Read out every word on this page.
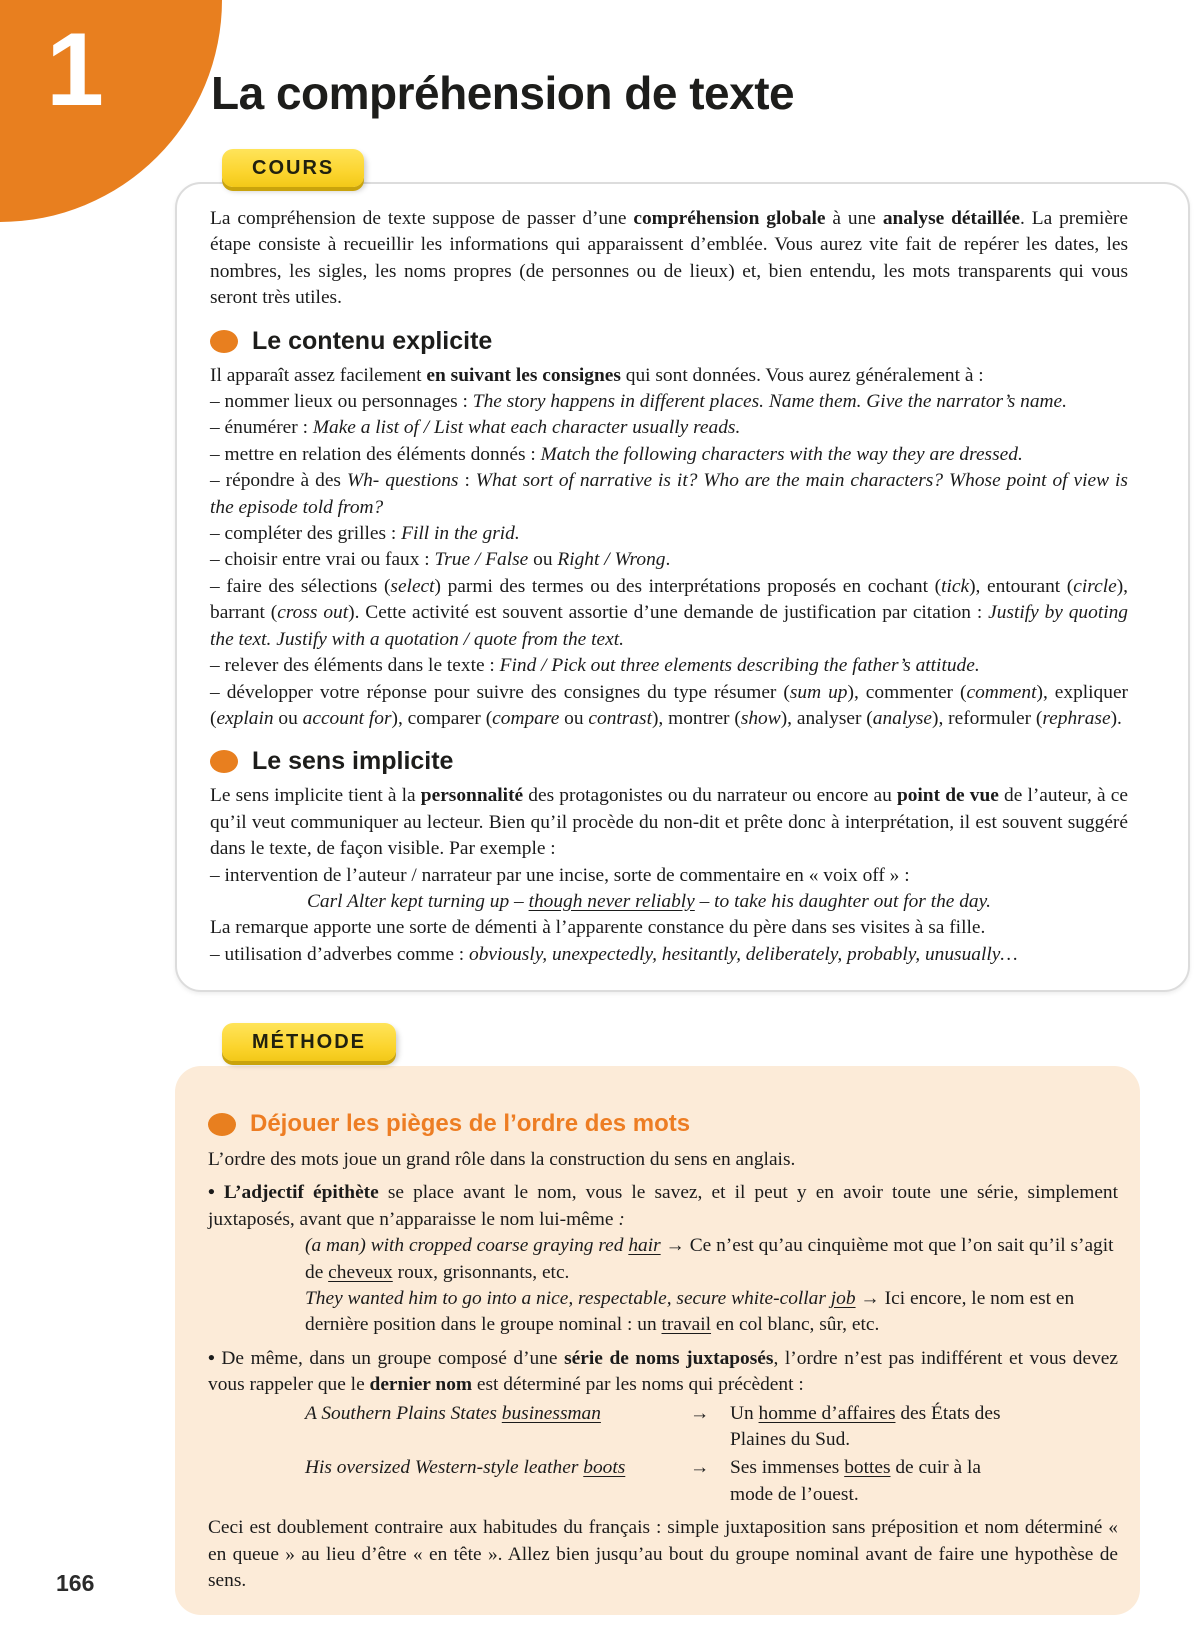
1	La compréhension de texte
COURS

La compréhension de texte suppose de passer d’une compréhension globale à une analyse détaillée. La première étape consiste à recueillir les informations qui apparaissent d’emblée. Vous aurez vite fait de repérer les dates, les nombres, les sigles, les noms propres (de personnes ou de lieux) et, bien entendu, les mots transparents qui vous seront très utiles.

Le contenu explicite

Il apparaît assez facilement en suivant les consignes qui sont données. Vous aurez généralement à :

– nommer lieux ou personnages : The story happens in different places. Name them. Give the narrator’s name.

– énumérer : Make a list of / List what each character usually reads.

– mettre en relation des éléments donnés : Match the following characters with the way they are dressed.

– répondre à des Wh- questions : What sort of narrative is it? Who are the main characters? Whose point of view is the episode told from?

– compléter des grilles : Fill in the grid.

– choisir entre vrai ou faux : True / False ou Right / Wrong.

– faire des sélections (select) parmi des termes ou des interprétations proposés en cochant (tick), entourant (circle), barrant (cross out). Cette activité est souvent assortie d’une demande de justification par citation : Justify by quoting the text. Justify with a quotation / quote from the text.

– relever des éléments dans le texte : Find / Pick out three elements describing the father’s attitude.

– développer votre réponse pour suivre des consignes du type résumer (sum up), commenter (comment), expliquer (explain ou account for), comparer (compare ou contrast), montrer (show), analyser (analyse), reformuler (rephrase).

Le sens implicite

Le sens implicite tient à la personnalité des protagonistes ou du narrateur ou encore au point de vue de l’auteur, à ce qu’il veut communiquer au lecteur. Bien qu’il procède du non-dit et prête donc à interprétation, il est souvent suggéré dans le texte, de façon visible. Par exemple :

– intervention de l’auteur / narrateur par une incise, sorte de commentaire en « voix off » :

Carl Alter kept turning up – though never reliably – to take his daughter out for the day.

La remarque apporte une sorte de démenti à l’apparente constance du père dans ses visites à sa fille.

– utilisation d’adverbes comme : obviously, unexpectedly, hesitantly, deliberately, probably, unusually…

MÉTHODE
Déjouer les pièges de l’ordre des mots

L’ordre des mots joue un grand rôle dans la construction du sens en anglais.

• L’adjectif épithète se place avant le nom, vous le savez, et il peut y en avoir toute une série, simplement juxtaposés, avant que n’apparaisse le nom lui-même :

(a man) with cropped coarse graying red hair → Ce n’est qu’au cinquième mot que l’on sait qu’il s’agit de cheveux roux, grisonnants, etc.

They wanted him to go into a nice, respectable, secure white-collar job → Ici encore, le nom est en dernière position dans le groupe nominal : un travail en col blanc, sûr, etc.

• De même, dans un groupe composé d’une série de noms juxtaposés, l’ordre n’est pas indifférent et vous devez vous rappeler que le dernier nom est déterminé par les noms qui précèdent :

A Southern Plains States businessman	→	Un homme d’affaires des États des Plaines du Sud.
His oversized Western-style leather boots	→	Ses immenses bottes de cuir à la mode de l’ouest.

Ceci est doublement contraire aux habitudes du français : simple juxtaposition sans préposition et nom déterminé « en queue » au lieu d’être « en tête ». Allez bien jusqu’au bout du groupe nominal avant de faire une hypothèse de sens.

166
